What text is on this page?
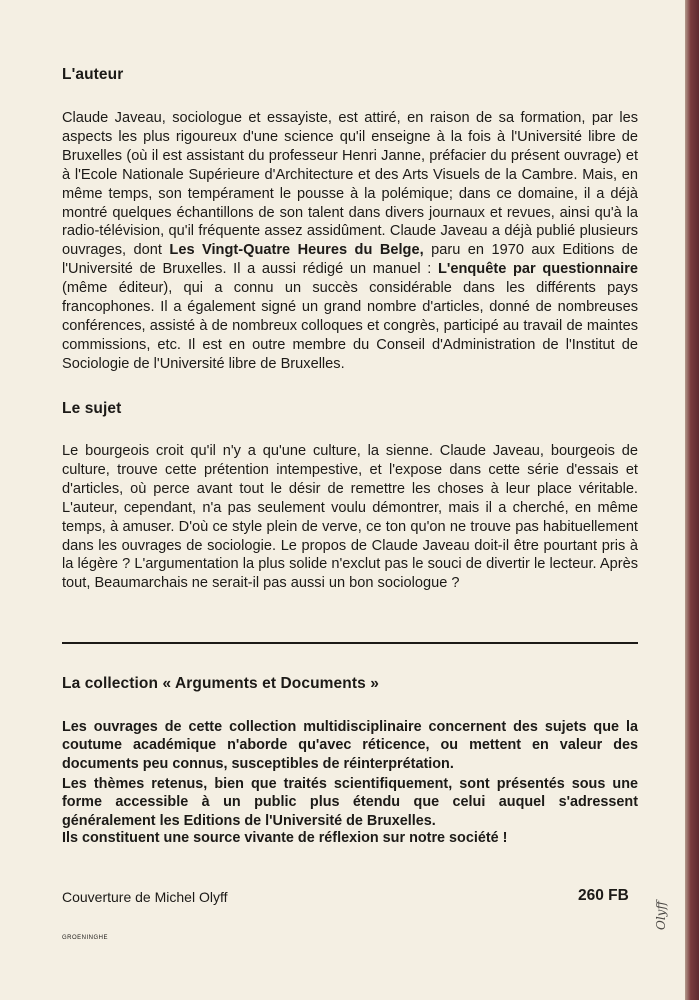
L'auteur

Claude Javeau, sociologue et essayiste, est attiré, en raison de sa formation, par les aspects les plus rigoureux d'une science qu'il enseigne à la fois à l'Université libre de Bruxelles (où il est assistant du professeur Henri Janne, préfacier du présent ouvrage) et à l'Ecole Nationale Supérieure d'Architecture et des Arts Visuels de la Cambre. Mais, en même temps, son tempérament le pousse à la polémique; dans ce domaine, il a déjà montré quelques échantillons de son talent dans divers journaux et revues, ainsi qu'à la radio-télévision, qu'il fréquente assez assidûment. Claude Javeau a déjà publié plusieurs ouvrages, dont Les Vingt-Quatre Heures du Belge, paru en 1970 aux Editions de l'Université de Bruxelles. Il a aussi rédigé un manuel : L'enquête par questionnaire (même éditeur), qui a connu un succès considérable dans les différents pays francophones. Il a également signé un grand nombre d'articles, donné de nombreuses conférences, assisté à de nombreux colloques et congrès, participé au travail de maintes commissions, etc. Il est en outre membre du Conseil d'Administration de l'Institut de Sociologie de l'Université libre de Bruxelles.

Le sujet

Le bourgeois croit qu'il n'y a qu'une culture, la sienne. Claude Javeau, bourgeois de culture, trouve cette prétention intempestive, et l'expose dans cette série d'essais et d'articles, où perce avant tout le désir de remettre les choses à leur place véritable. L'auteur, cependant, n'a pas seulement voulu démontrer, mais il a cherché, en même temps, à amuser. D'où ce style plein de verve, ce ton qu'on ne trouve pas habituellement dans les ouvrages de sociologie. Le propos de Claude Javeau doit-il être pourtant pris à la légère ? L'argumentation la plus solide n'exclut pas le souci de divertir le lecteur. Après tout, Beaumarchais ne serait-il pas aussi un bon sociologue ?

La collection « Arguments et Documents »

Les ouvrages de cette collection multidisciplinaire concernent des sujets que la coutume académique n'aborde qu'avec réticence, ou mettent en valeur des documents peu connus, susceptibles de réinterprétation.

Les thèmes retenus, bien que traités scientifiquement, sont présentés sous une forme accessible à un public plus étendu que celui auquel s'adressent généralement les Editions de l'Université de Bruxelles.

Ils constituent une source vivante de réflexion sur notre société !

Couverture de Michel Olyff	260 FB
GROENINGHE
Olyff
